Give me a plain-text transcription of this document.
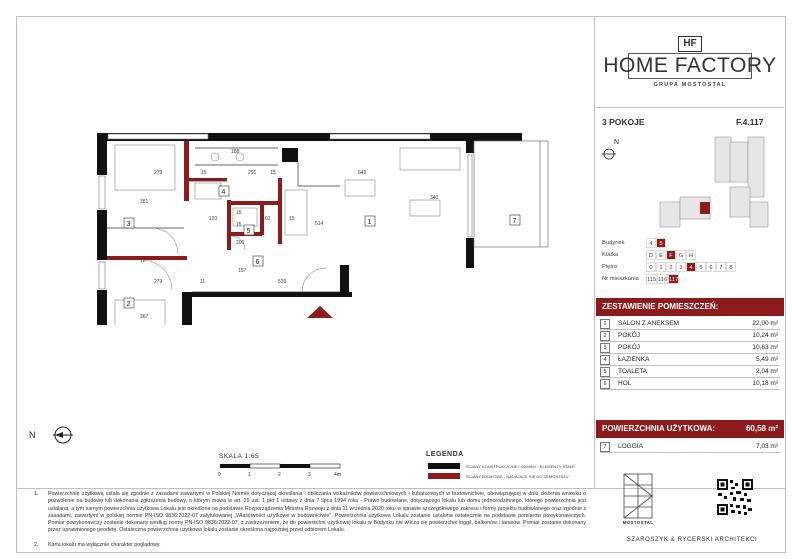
279
381
15	291	15	649
15
120	160	15
514
340
15
11
157
11
279	539
367
188
200
1
2
3
4
5
6
7
N
SKALA 1:65
0	1	2	3	4m
LEGENDA
ŚCIANY KONSTRUKCYJNE I KOMINY - ELEMENTY STAŁE
ŚCIANY DZIAŁOWE - NADAJĄCE SIĘ DO DEMONTAŻU
HF
HOME FACTORY
GRUPA MOSTOSTAL
3 POKOJE	F.4.117
N
Budynek	4	5
Klatka	D	E	F	G H
Piętro	0	1	2	3	4	5	6	7	8
Nr mieszkania	115 116 117
ZESTAWIENIE POMIESZCZEŃ:
1	SALON Z ANEKSEM	22,00 m²
2	POKÓJ	10,24 m²
3	POKÓJ	10,63 m²
4	ŁAZIENKA	5,49 m²
5	TOALETA	2,04 m²
6	HOL	10,18 m²
POWIERZCHNIA UŻYTKOWA:	60,58 m²
7	LOGGIA	7,03 m²
1. Powierzchnię użytkową ustala się zgodnie z zasadami zawartymi w Polskiej Normie dotyczącej określania i obliczania wskaźników powierzchniowych i kubaturowych w budownictwie, obowiązującej w dniu złożenia wniosku o pozwolenie na budowę lub dokonania zgłoszenia budowy, o którym mowa w art. 29 ust. 1 pkt 1 ustawy z dnia 7 lipca 1994 roku - Prawo budowlane, dotyczącego lokalu lub domu jednorodzinnego, którego powierzchnia jest ustalana, a tym samym powierzchnia użytkowa Lokalu jest określona na podstawie Rozporządzenia Ministra Rozwoju z dnia 11 września 2020 roku w sprawie szczegółowego zakresu i formy projektu budowlanego oraz zgodnie z zasadami, zawartymi w polskiej normie PN-ISO 9836:2022-07 zatytułowanej „Właściwości użytkowe w budownictwie". Powierzchnia użytkowa Lokalu zostanie ustalona ostatecznie na podstawie pomiarów powykonawczych. Pomiar powykonawczy zostanie dokonany według normy PN-ISO 9836:2022-07, z zastrzeżeniem, że do powierzchni użytkowej lokalu w Budynku nie wlicza się powierzchni loggii, balkonów i tarasów. Pomiar zostanie dokonany przez uprawnionego geodetę. Ostateczna powierzchnia użytkowa lokalu zostanie określona najpóźniej przed odbiorem Lokalu.
2. Karta lokalu ma wyłącznie charakter poglądowy.
MOSTOSTAL
SZAROSZYK & RYCERSKI ARCHITEKCI
